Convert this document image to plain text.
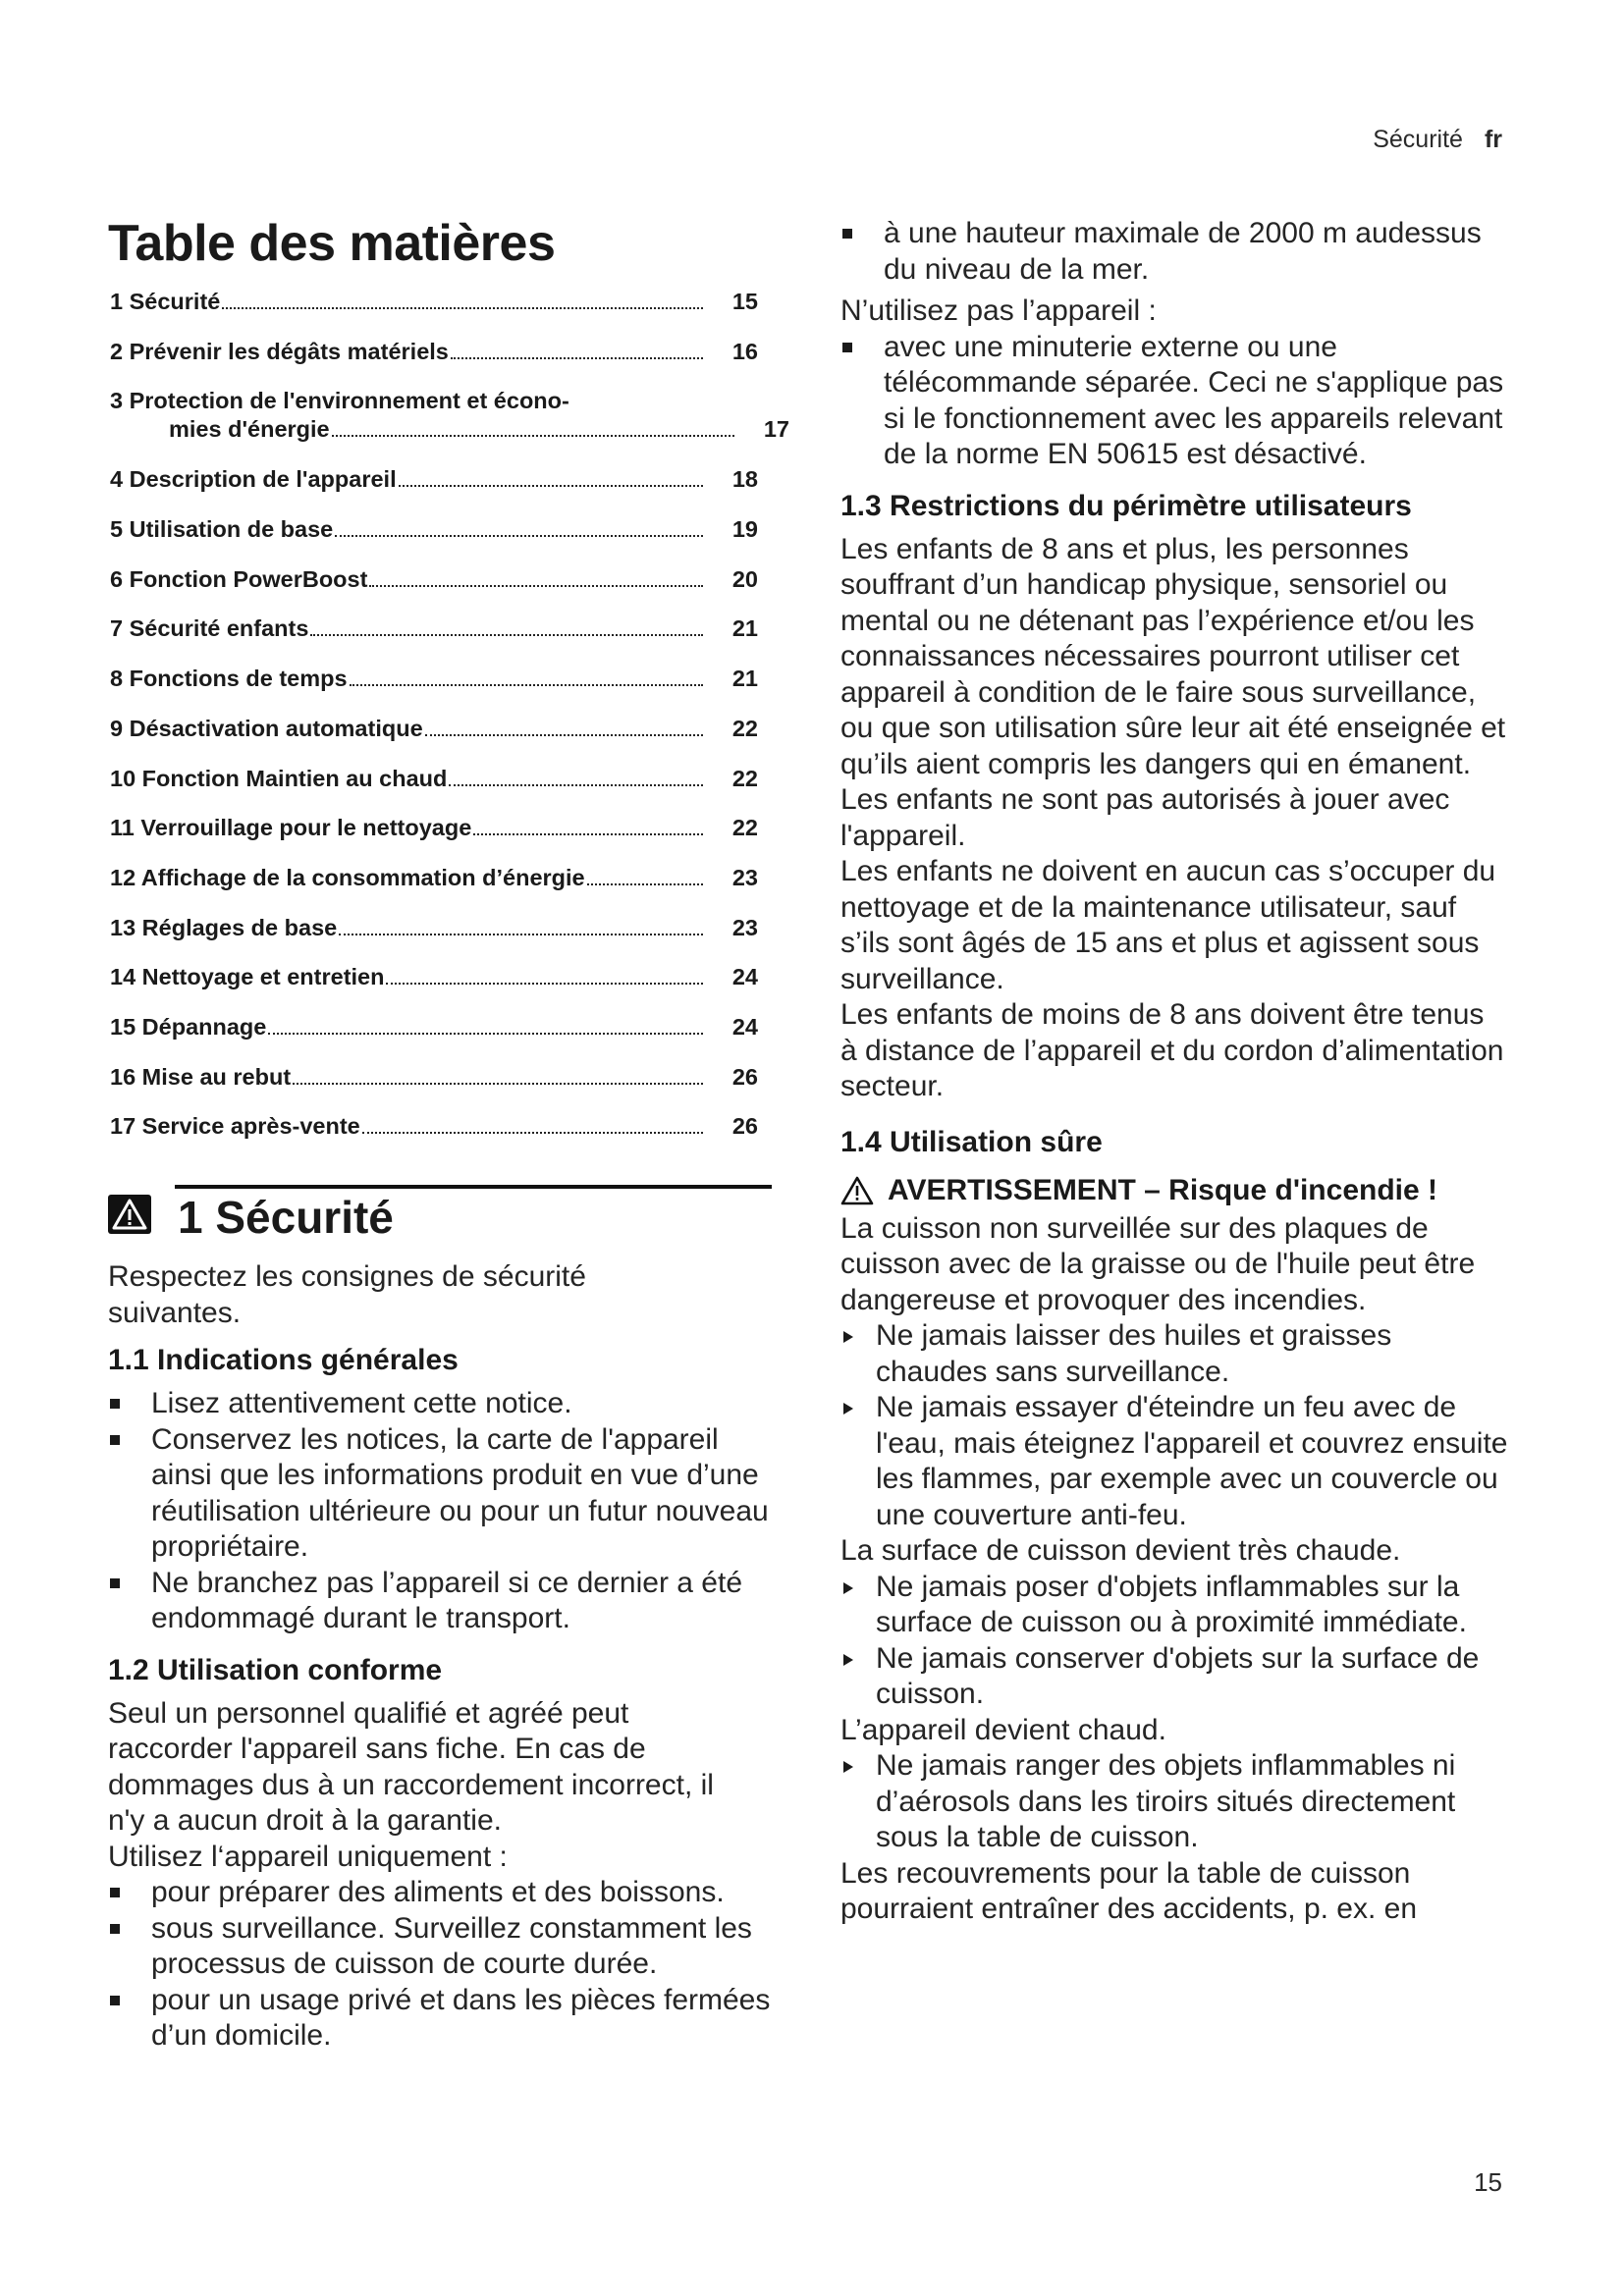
Sécurité fr
Table des matières
1 Sécurité	15
2 Prévenir les dégâts matériels	16
3 Protection de l'environnement et écono-
mies d'énergie	17
4 Description de l'appareil	18
5 Utilisation de base	19
6 Fonction PowerBoost	20
7 Sécurité enfants	21
8 Fonctions de temps	21
9 Désactivation automatique	22
10 Fonction Maintien au chaud	22
11 Verrouillage pour le nettoyage	22
12 Affichage de la consommation d’énergie	23
13 Réglages de base	23
14 Nettoyage et entretien	24
15 Dépannage	24
16 Mise au rebut	26
17 Service après-vente	26
1 Sécurité

Respectez les consignes de sécurité suivantes.

1.1 Indications générales

Lisez attentivement cette notice.
Conservez les notices, la carte de l'appareil ainsi que les informations produit en vue d’une réutilisation ultérieure ou pour un futur nouveau propriétaire.
Ne branchez pas l’appareil si ce dernier a été endommagé durant le transport.

1.2 Utilisation conforme

Seul un personnel qualifié et agréé peut raccorder l'appareil sans fiche. En cas de dommages dus à un raccordement incorrect, il n'y a aucun droit à la garantie.

Utilisez l‘appareil uniquement :

pour préparer des aliments et des boissons.
sous surveillance. Surveillez constamment les processus de cuisson de courte durée.
pour un usage privé et dans les pièces fermées d’un domicile.
à une hauteur maximale de 2000 m audessus du niveau de la mer.

N’utilisez pas l’appareil :

avec une minuterie externe ou une télécommande séparée. Ceci ne s'applique pas si le fonctionnement avec les appareils relevant de la norme EN 50615 est désactivé.

1.3 Restrictions du périmètre utilisateurs

Les enfants de 8 ans et plus, les personnes souffrant d’un handicap physique, sensoriel ou mental ou ne détenant pas l’expérience et/ou les connaissances nécessaires pourront utiliser cet appareil à condition de le faire sous surveillance, ou que son utilisation sûre leur ait été enseignée et qu’ils aient compris les dangers qui en émanent.

Les enfants ne sont pas autorisés à jouer avec l'appareil.

Les enfants ne doivent en aucun cas s’occuper du nettoyage et de la maintenance utilisateur, sauf s’ils sont âgés de 15 ans et plus et agissent sous surveillance.

Les enfants de moins de 8 ans doivent être tenus à distance de l’appareil et du cordon d’alimentation secteur.

1.4 Utilisation sûre

AVERTISSEMENT – Risque d'incendie !

La cuisson non surveillée sur des plaques de cuisson avec de la graisse ou de l'huile peut être dangereuse et provoquer des incendies.

Ne jamais laisser des huiles et graisses chaudes sans surveillance.
Ne jamais essayer d'éteindre un feu avec de l'eau, mais éteignez l'appareil et couvrez ensuite les flammes, par exemple avec un couvercle ou une couverture anti-feu.

La surface de cuisson devient très chaude.

Ne jamais poser d'objets inflammables sur la surface de cuisson ou à proximité immédiate.
Ne jamais conserver d'objets sur la surface de cuisson.

L’appareil devient chaud.

Ne jamais ranger des objets inflammables ni d’aérosols dans les tiroirs situés directement sous la table de cuisson.

Les recouvrements pour la table de cuisson pourraient entraîner des accidents, p. ex. en

15
